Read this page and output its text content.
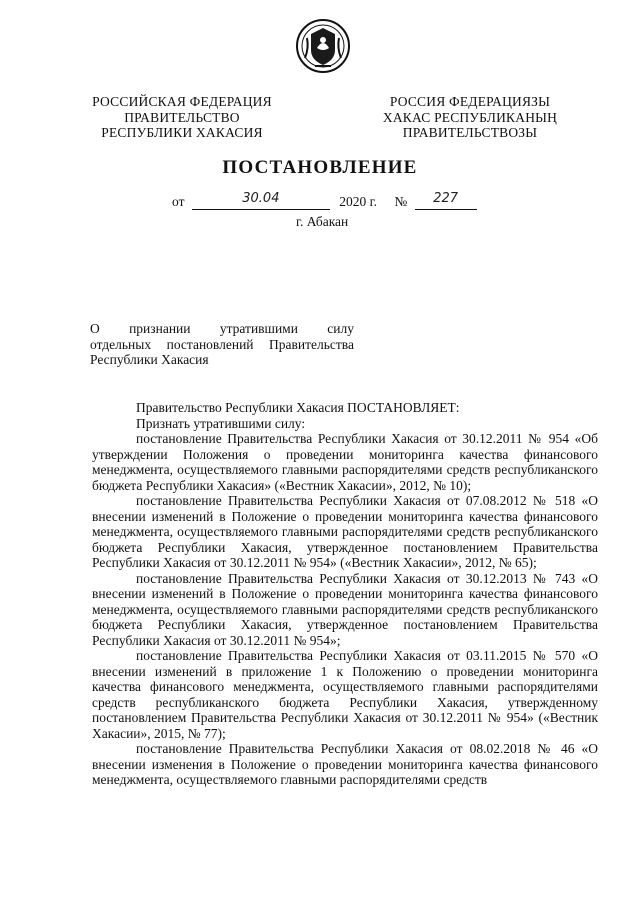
РОССИЙСКАЯ ФЕДЕРАЦИЯ
ПРАВИТЕЛЬСТВО
РЕСПУБЛИКИ ХАКАСИЯ
РОССИЯ ФЕДЕРАЦИЯЗЫ
ХАКАС РЕСПУБЛИКАНЫҢ
ПРАВИТЕЛЬСТВОЗЫ
ПОСТАНОВЛЕНИЕ
от	30.04	2020 г. № 227
г. Абакан
О признании утратившими силу
отдельных постановлений Правительства
Республики Хакасия

Правительство Республики Хакасия ПОСТАНОВЛЯЕТ:

Признать утратившими силу:

постановление Правительства Республики Хакасия от 30.12.2011 № 954 «Об утверждении Положения о проведении мониторинга качества финансового менеджмента, осуществляемого главными распорядителями средств республиканского бюджета Республики Хакасия» («Вестник Хакасии», 2012, № 10);

постановление Правительства Республики Хакасия от 07.08.2012 № 518 «О внесении изменений в Положение о проведении мониторинга качества финансового менеджмента, осуществляемого главными распорядителями средств республиканского бюджета Республики Хакасия, утвержденное постановлением Правительства Республики Хакасия от 30.12.2011 № 954» («Вестник Хакасии», 2012, № 65);

постановление Правительства Республики Хакасия от 30.12.2013 № 743 «О внесении изменений в Положение о проведении мониторинга качества финансового менеджмента, осуществляемого главными распорядителями средств республиканского бюджета Республики Хакасия, утвержденное постановлением Правительства Республики Хакасия от 30.12.2011 № 954»;

постановление Правительства Республики Хакасия от 03.11.2015 № 570 «О внесении изменений в приложение 1 к Положению о проведении мониторинга качества финансового менеджмента, осуществляемого главными распорядителями средств республиканского бюджета Республики Хакасия, утвержденному постановлением Правительства Республики Хакасия от 30.12.2011 № 954» («Вестник Хакасии», 2015, № 77);

постановление Правительства Республики Хакасия от 08.02.2018 № 46 «О внесении изменения в Положение о проведении мониторинга качества финансового менеджмента, осуществляемого главными распорядителями средств
